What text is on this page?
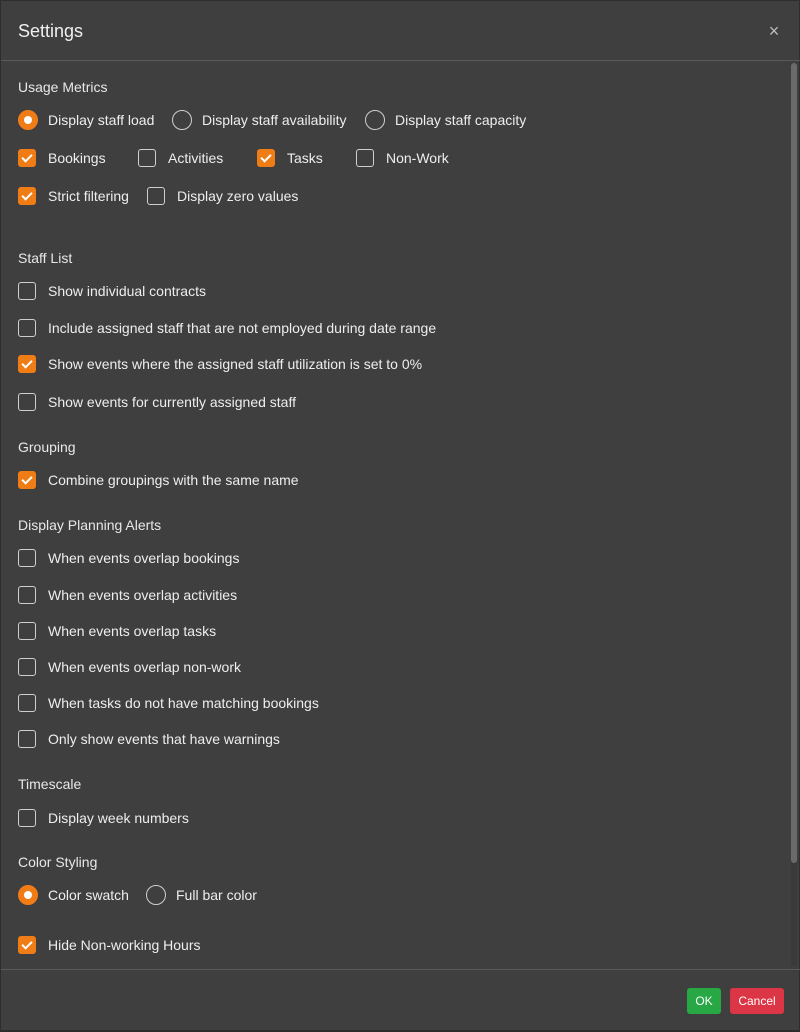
Settings	×
Usage Metrics
Display staff load	Display staff availability	Display staff capacity
Bookings	Activities	Tasks	Non-Work
Strict filtering	Display zero values
Staff List
Show individual contracts
Include assigned staff that are not employed during date range
Show events where the assigned staff utilization is set to 0%
Show events for currently assigned staff
Grouping
Combine groupings with the same name
Display Planning Alerts
When events overlap bookings
When events overlap activities
When events overlap tasks
When events overlap non-work
When tasks do not have matching bookings
Only show events that have warnings
Timescale
Display week numbers
Color Styling
Color swatch	Full bar color
Hide Non-working Hours
OK	Cancel
